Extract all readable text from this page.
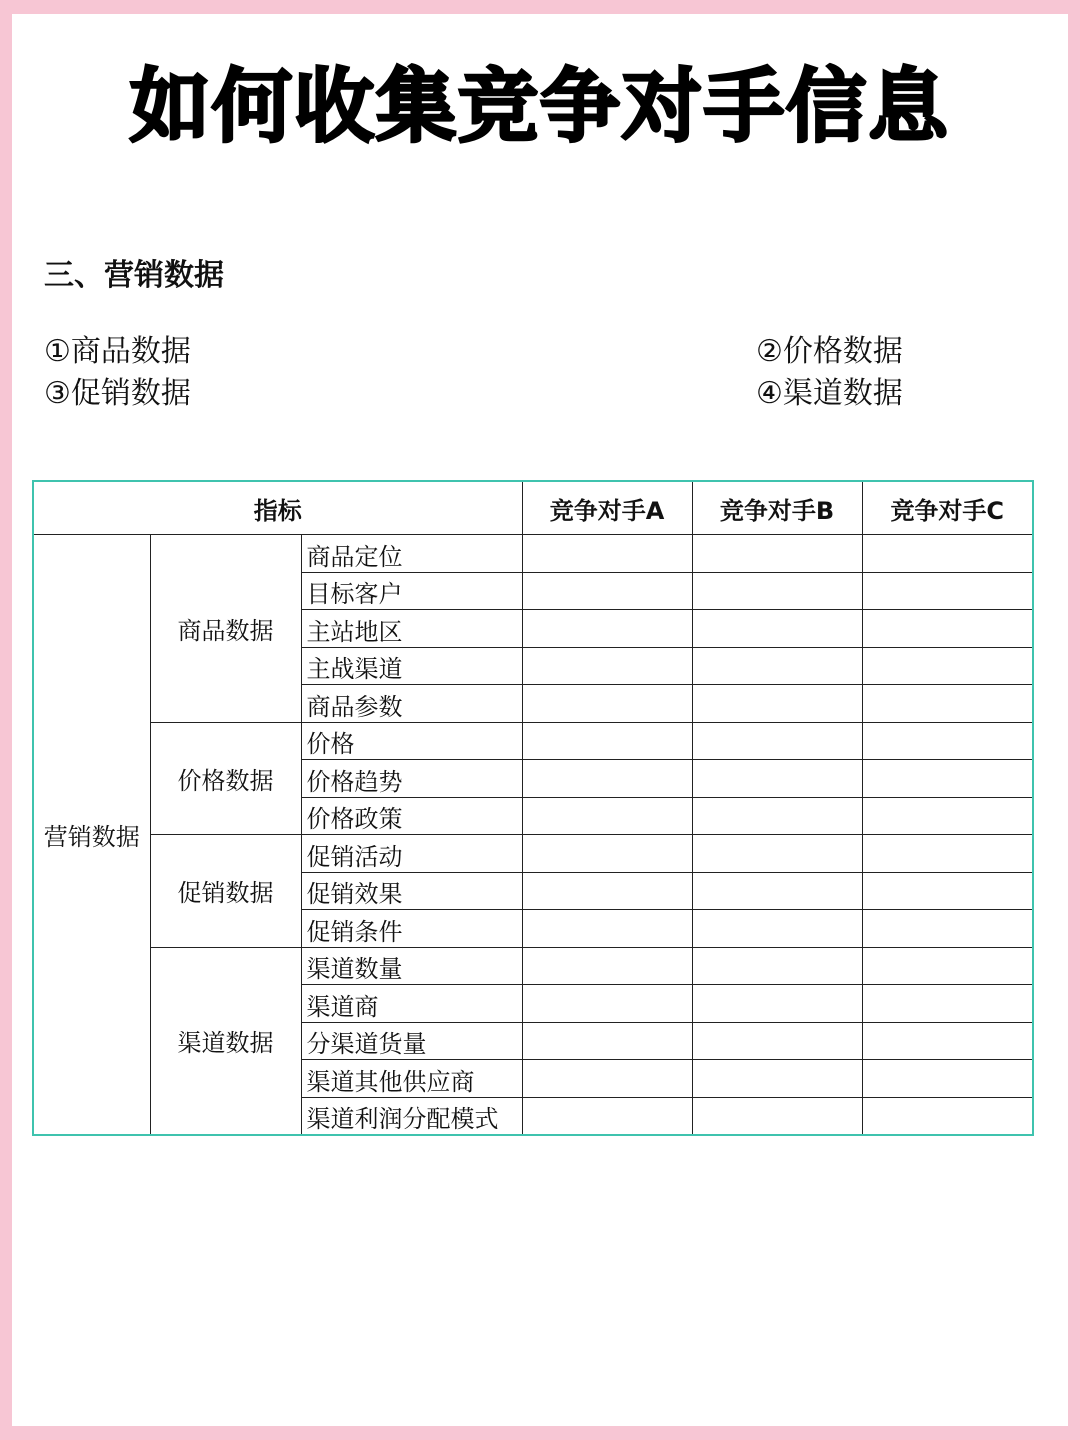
如何收集竞争对手信息
三、营销数据
①商品数据	②价格数据
③促销数据	④渠道数据
指标			竞争对手A	竞争对手B	竞争对手C
营销数据	商品数据	商品定位			
		目标客户			
		主站地区			
		主战渠道			
		商品参数			
	价格数据	价格			
		价格趋势			
		价格政策			
	促销数据	促销活动			
		促销效果			
		促销条件			
	渠道数据	渠道数量			
		渠道商			
		分渠道货量			
		渠道其他供应商			
		渠道利润分配模式			
